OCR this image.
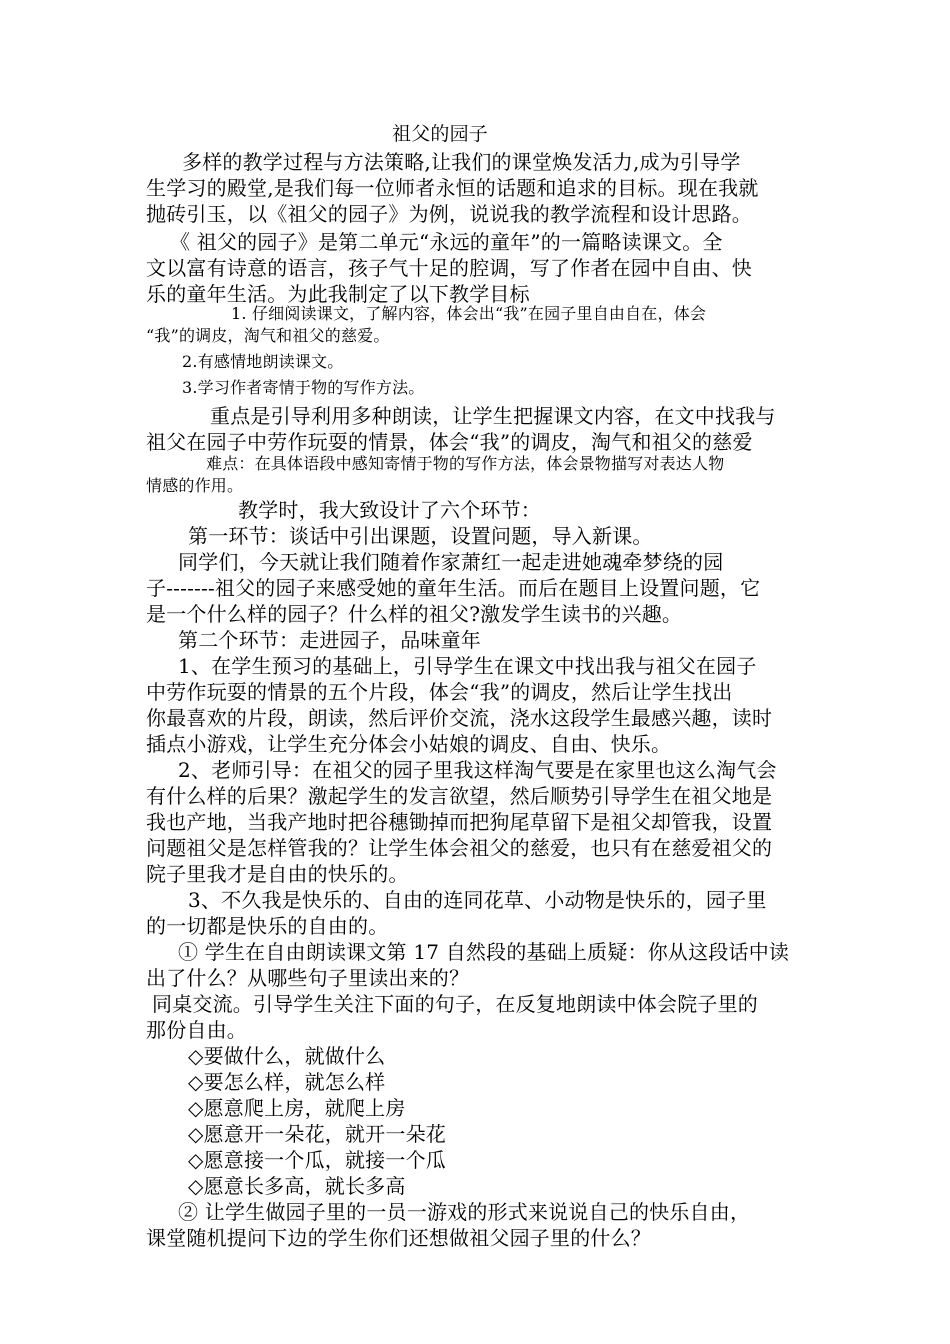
祖父的园子
多样的教学过程与方法策略,让我们的课堂焕发活力,成为引导学
生学习的殿堂,是我们每一位师者永恒的话题和追求的目标。现在我就
抛砖引玉，以《祖父的园子》为例，说说我的教学流程和设计思路。
《 祖父的园子》是第二单元“永远的童年”的一篇略读课文。全
文以富有诗意的语言，孩子气十足的腔调，写了作者在园中自由、快
乐的童年生活。为此我制定了以下教学目标
1. 仔细阅读课文，了解内容，体会出“我”在园子里自由自在，体会
“我”的调皮，淘气和祖父的慈爱。
2.有感情地朗读课文。
3.学习作者寄情于物的写作方法。
重点是引导利用多种朗读，让学生把握课文内容，在文中找我与
祖父在园子中劳作玩耍的情景，体会“我”的调皮，淘气和祖父的慈爱
难点：在具体语段中感知寄情于物的写作方法，体会景物描写对表达人物
情感的作用。
教学时，我大致设计了六个环节：
第一环节：谈话中引出课题，设置问题，导入新课。
同学们，今天就让我们随着作家萧红一起走进她魂牵梦绕的园
子-------祖父的园子来感受她的童年生活。而后在题目上设置问题，它
是一个什么样的园子？什么样的祖父?激发学生读书的兴趣。
第二个环节：走进园子，品味童年
1、在学生预习的基础上，引导学生在课文中找出我与祖父在园子
中劳作玩耍的情景的五个片段，体会“我”的调皮，然后让学生找出
你最喜欢的片段，朗读，然后评价交流，浇水这段学生最感兴趣，读时
插点小游戏，让学生充分体会小姑娘的调皮、自由、快乐。
2、老师引导：在祖父的园子里我这样淘气要是在家里也这么淘气会
有什么样的后果？激起学生的发言欲望，然后顺势引导学生在祖父地是
我也产地，当我产地时把谷穗锄掉而把狗尾草留下是祖父却管我，设置
问题祖父是怎样管我的？让学生体会祖父的慈爱，也只有在慈爱祖父的
院子里我才是自由的快乐的。
3、不久我是快乐的、自由的连同花草、小动物是快乐的，园子里
的一切都是快乐的自由的。
① 学生在自由朗读课文第 17 自然段的基础上质疑：你从这段话中读
出了什么？从哪些句子里读出来的？
同桌交流。引导学生关注下面的句子，在反复地朗读中体会院子里的
那份自由。
◇要做什么，就做什么
◇要怎么样，就怎么样
◇愿意爬上房，就爬上房
◇愿意开一朵花，就开一朵花
◇愿意接一个瓜，就接一个瓜
◇愿意长多高，就长多高
② 让学生做园子里的一员一游戏的形式来说说自己的快乐自由，
课堂随机提问下边的学生你们还想做祖父园子里的什么？
